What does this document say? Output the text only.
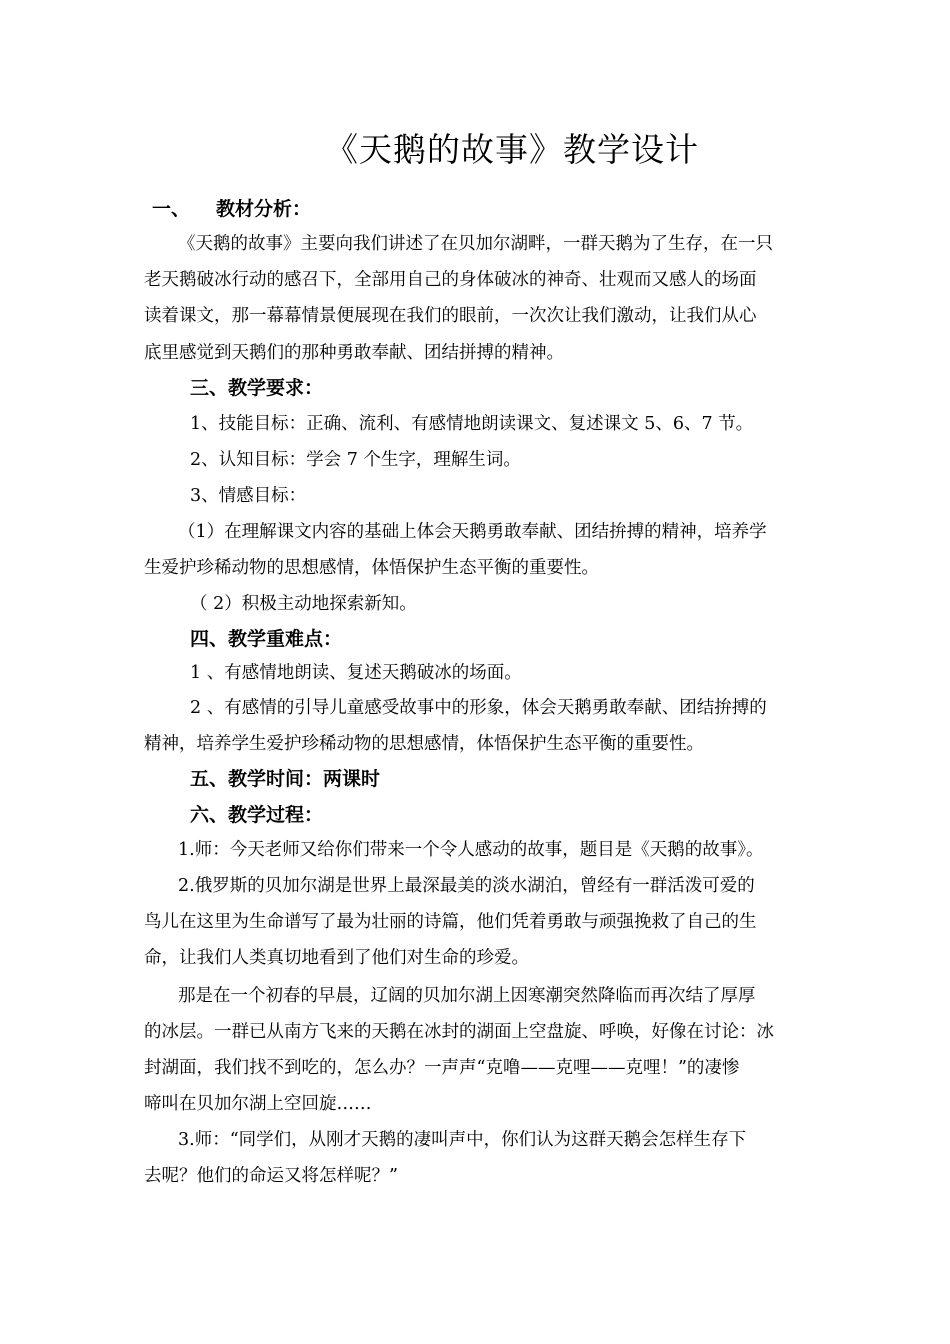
《天鹅的故事》教学设计
一、 教材分析：
《天鹅的故事》主要向我们讲述了在贝加尔湖畔，一群天鹅为了生存，在一只
老天鹅破冰行动的感召下，全部用自己的身体破冰的神奇、壮观而又感人的场面
读着课文，那一幕幕情景便展现在我们的眼前，一次次让我们激动，让我们从心
底里感觉到天鹅们的那种勇敢奉献、团结拼搏的精神。
三、教学要求：
1、技能目标：正确、流利、有感情地朗读课文、复述课文 5、6、7 节。
2、认知目标：学会 7 个生字，理解生词。
3、情感目标：
（1）在理解课文内容的基础上体会天鹅勇敢奉献、团结拚搏的精神，培养学
生爱护珍稀动物的思想感情，体悟保护生态平衡的重要性。
（ 2）积极主动地探索新知。
四、教学重难点：
1 、有感情地朗读、复述天鹅破冰的场面。
2 、有感情的引导儿童感受故事中的形象，体会天鹅勇敢奉献、团结拚搏的
精神，培养学生爱护珍稀动物的思想感情，体悟保护生态平衡的重要性。
五、教学时间：两课时
六、教学过程：
1.师：今天老师又给你们带来一个令人感动的故事，题目是《天鹅的故事》。
2.俄罗斯的贝加尔湖是世界上最深最美的淡水湖泊，曾经有一群活泼可爱的
鸟儿在这里为生命谱写了最为壮丽的诗篇，他们凭着勇敢与顽强挽救了自己的生
命，让我们人类真切地看到了他们对生命的珍爱。
那是在一个初春的早晨，辽阔的贝加尔湖上因寒潮突然降临而再次结了厚厚
的冰层。一群已从南方飞来的天鹅在冰封的湖面上空盘旋、呼唤，好像在讨论：冰
封湖面，我们找不到吃的，怎么办？一声声“克噜——克哩——克哩！”的凄惨
啼叫在贝加尔湖上空回旋……
3.师：“同学们，从刚才天鹅的凄叫声中，你们认为这群天鹅会怎样生存下
去呢？他们的命运又将怎样呢？”
